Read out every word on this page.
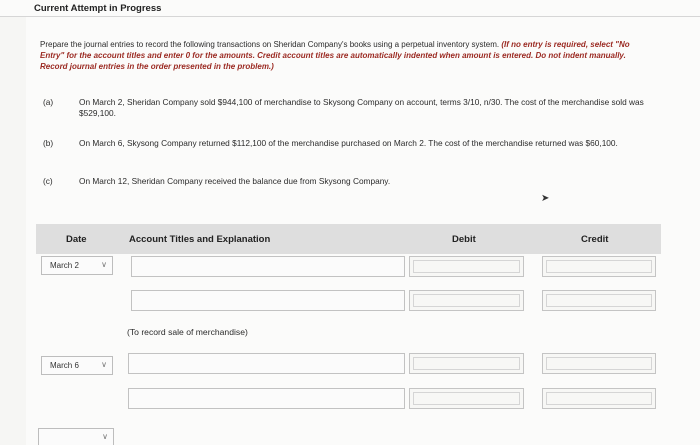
Current Attempt in Progress
Prepare the journal entries to record the following transactions on Sheridan Company's books using a perpetual inventory system. (If no entry is required, select "No Entry" for the account titles and enter 0 for the amounts. Credit account titles are automatically indented when amount is entered. Do not indent manually. Record journal entries in the order presented in the problem.)
(a)	On March 2, Sheridan Company sold $944,100 of merchandise to Skysong Company on account, terms 3/10, n/30. The cost of the merchandise sold was $529,100.
(b)	On March 6, Skysong Company returned $112,100 of the merchandise purchased on March 2. The cost of the merchandise returned was $60,100.
(c)	On March 12, Sheridan Company received the balance due from Skysong Company.
➤
Date	Account Titles and Explanation	Debit	Credit
March 2	∨
(To record sale of merchandise)
March 6	∨
∨
